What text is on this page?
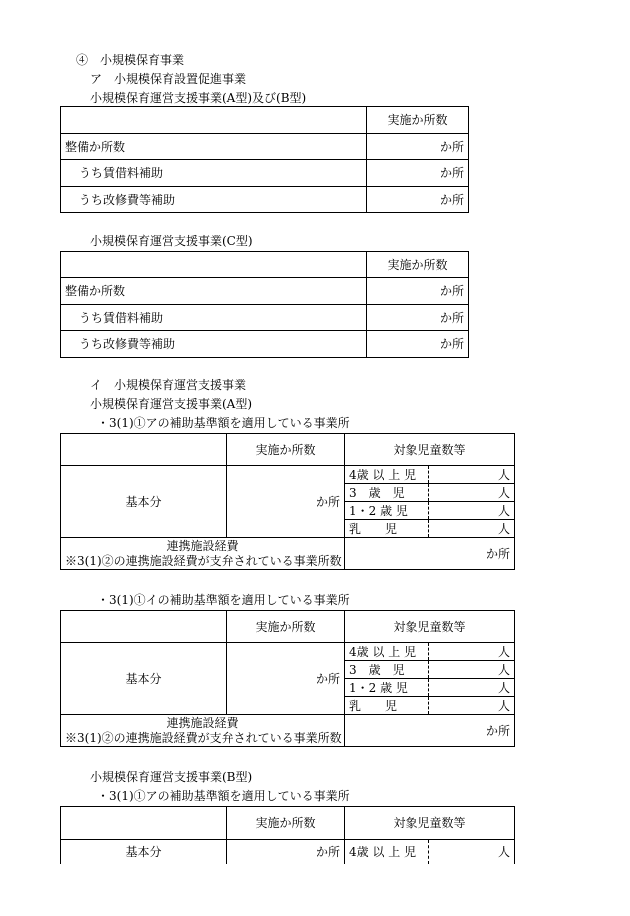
④　小規模保育事業
ア　小規模保育設置促進事業
小規模保育運営支援事業(A型)及び(B型)
	実施か所数
整備か所数	か所
うち賃借料補助	か所
うち改修費等補助	か所
小規模保育運営支援事業(C型)
	実施か所数
整備か所数	か所
うち賃借料補助	か所
うち改修費等補助	か所
イ　小規模保育運営支援事業
小規模保育運営支援事業(A型)
・3(1)①アの補助基準額を適用している事業所
	実施か所数	対象児童数等	
基本分	か所	4歳 以 上 児	人
		3　歳　児	人
		1・2 歳 児	人
		乳　　児	人

連携施設経費
※3(1)②の連携施設経費が支弁されている事業所数		か所	
・3(1)①イの補助基準額を適用している事業所
	実施か所数	対象児童数等	
基本分	か所	4歳 以 上 児	人
		3　歳　児	人
		1・2 歳 児	人
		乳　　児	人

連携施設経費
※3(1)②の連携施設経費が支弁されている事業所数		か所	
小規模保育運営支援事業(B型)
・3(1)①アの補助基準額を適用している事業所
	実施か所数	対象児童数等	
基本分	か所	4歳 以 上 児	人
